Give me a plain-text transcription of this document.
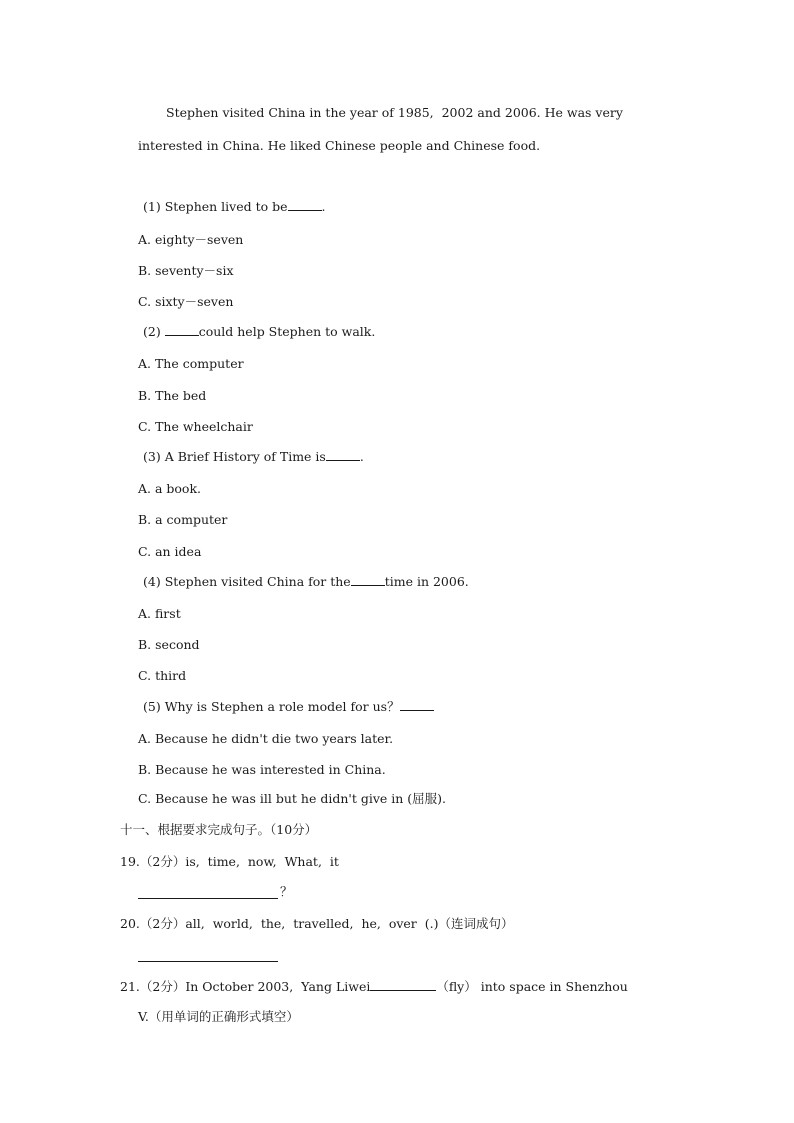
Stephen visited China in the year of 1985,  2002 and 2006. He was very
interested in China. He liked Chinese people and Chinese food.
(1) Stephen lived to be	.
A. eighty－seven
B. seventy－six
C. sixty－seven
(2)	could help Stephen to walk.
A. The computer
B. The bed
C. The wheelchair
(3) A Brief History of Time is	.
A. a book.
B. a computer
C. an idea
(4) Stephen visited China for the	time in 2006.
A. first
B. second
C. third
(5) Why is Stephen a role model for us？
A. Because he didn't die two years later.
B. Because he was interested in China.
C. Because he was ill but he didn't give in (屈服).
十一、根据要求完成句子。（10分）
19.（2分）is,  time,  now,  What,  it
？
20.（2分）all,  world,  the,  travelled,  he,  over  (.)（连词成句）
21.（2分）In October 2003,  Yang Liwei	（fly） into space in Shenzhou
V.（用单词的正确形式填空）
